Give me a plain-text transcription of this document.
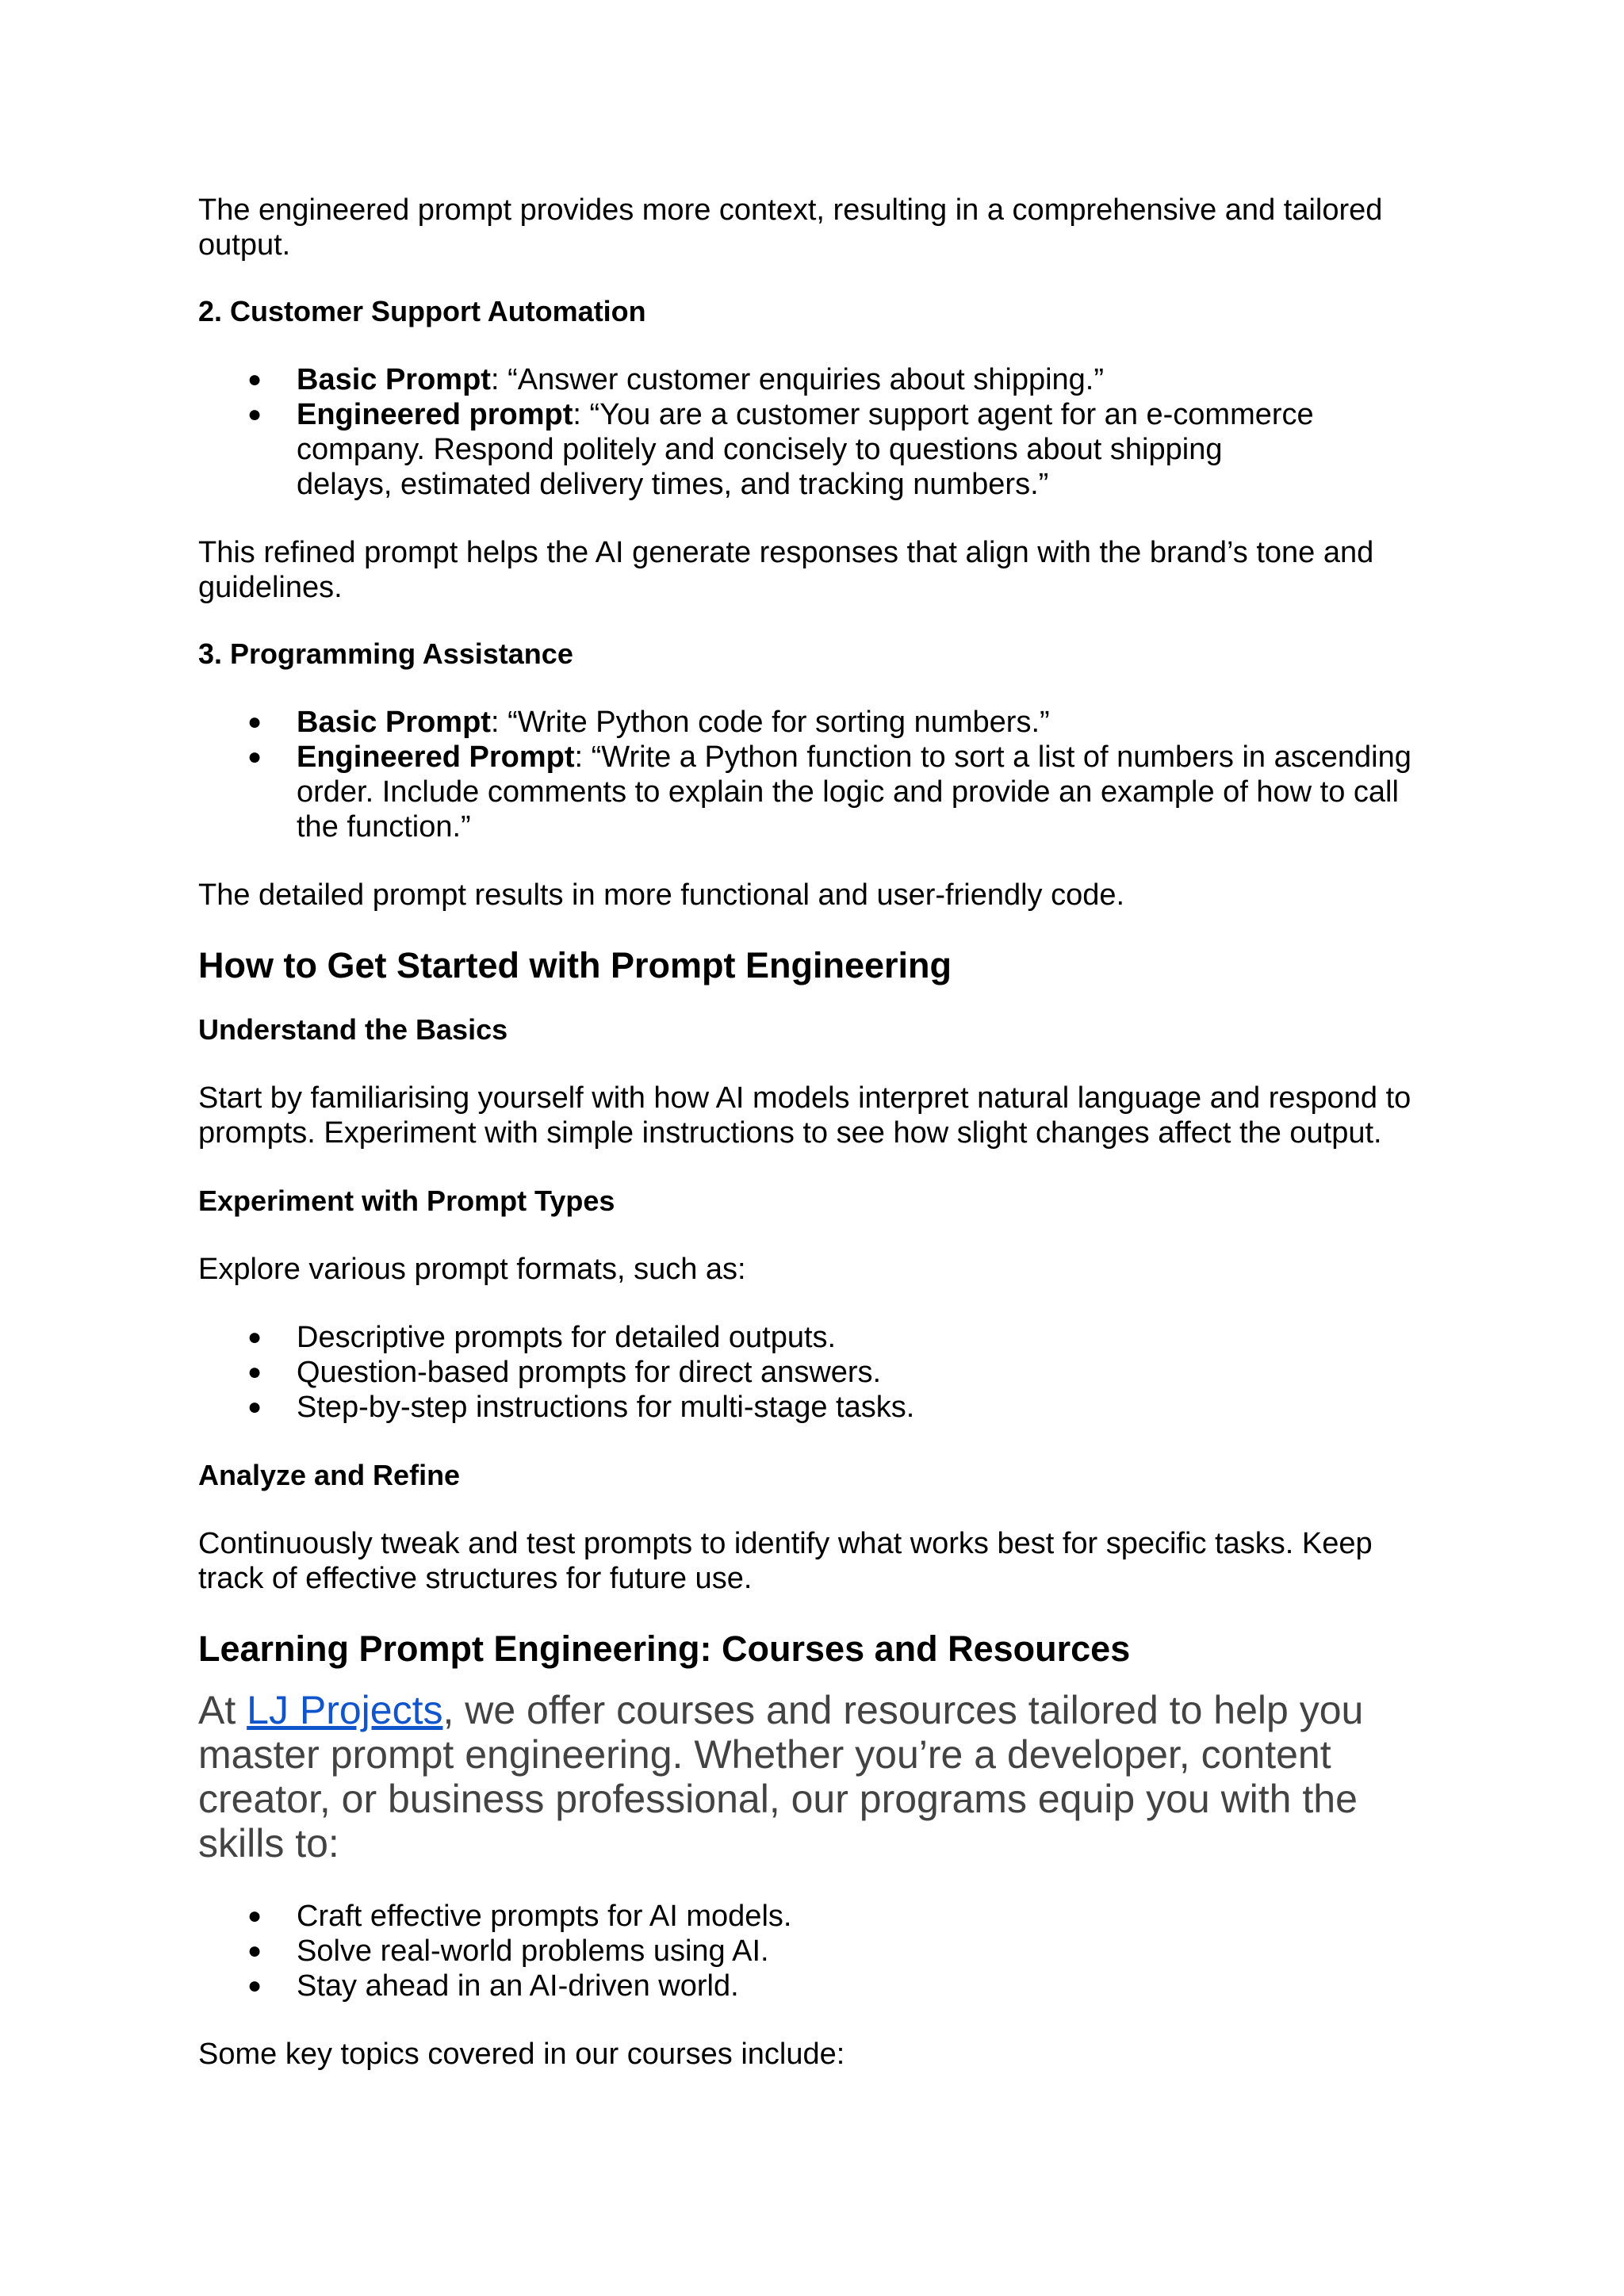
The engineered prompt provides more context, resulting in a comprehensive and tailored output.

2. Customer Support Automation

● Basic Prompt: “Answer customer enquiries about shipping.”
● Engineered prompt: “You are a customer support agent for an e-commerce company. Respond politely and concisely to questions about shipping delays, estimated delivery times, and tracking numbers.”

This refined prompt helps the AI generate responses that align with the brand’s tone and guidelines.

3. Programming Assistance

● Basic Prompt: “Write Python code for sorting numbers.”
● Engineered Prompt: “Write a Python function to sort a list of numbers in ascending order. Include comments to explain the logic and provide an example of how to call the function.”

The detailed prompt results in more functional and user-friendly code.

How to Get Started with Prompt Engineering

Understand the Basics

Start by familiarising yourself with how AI models interpret natural language and respond to prompts. Experiment with simple instructions to see how slight changes affect the output.

Experiment with Prompt Types

Explore various prompt formats, such as:

● Descriptive prompts for detailed outputs.
● Question-based prompts for direct answers.
● Step-by-step instructions for multi-stage tasks.

Analyze and Refine

Continuously tweak and test prompts to identify what works best for specific tasks. Keep track of effective structures for future use.

Learning Prompt Engineering: Courses and Resources

At LJ Projects, we offer courses and resources tailored to help you master prompt engineering. Whether you’re a developer, content creator, or business professional, our programs equip you with the skills to:

● Craft effective prompts for AI models.
● Solve real-world problems using AI.
● Stay ahead in an AI-driven world.

Some key topics covered in our courses include:
